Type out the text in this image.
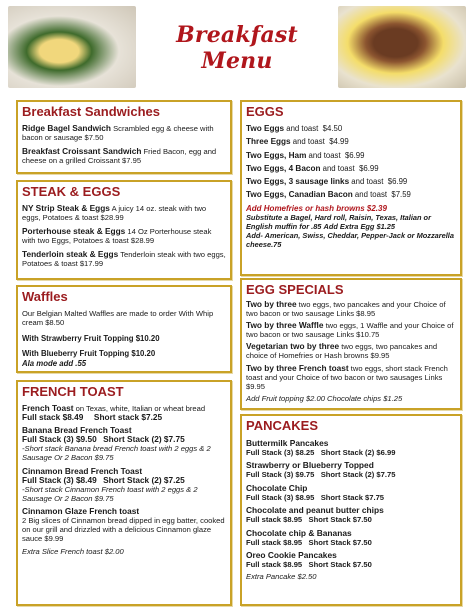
Breakfast Menu
Breakfast Sandwiches
Ridge Bagel Sandwich Scrambled egg & cheese with bacon or sausage $7.50
Breakfast Croissant Sandwich Fried Bacon, egg and cheese on a grilled Croissant $7.95
STEAK & EGGS
NY Strip Steak & Eggs A juicy 14 oz. steak with two eggs, Potatoes & toast $28.99
Porterhouse steak & Eggs 14 Oz Porterhouse steak with two Eggs, Potatoes & toast $28.99
Tenderloin steak & Eggs Tenderloin steak with two eggs, Potatoes & toast $17.99
Waffles
Our Belgian Malted Waffles are made to order With Whip cream $8.50
With Strawberry Fruit Topping $10.20
With Blueberry Fruit Topping $10.20
Ala mode add .55
FRENCH TOAST
French Toast on Texas, white, Italian or wheat bread
Full stack $8.49 Short stack $7.25
Banana Bread French Toast
Full Stack (3) $9.50 Short Stack (2) $7.75
-Short stack Banana bread French toast with 2 eggs & 2 Sausage Or 2 Bacon $9.75
Cinnamon Bread French Toast
Full Stack (3) $8.49 Short Stack (2) $7.25
-Short stack Cinnamon French toast with 2 eggs & 2 Sausage Or 2 Bacon $9.75
Cinnamon Glaze French toast
2 Big slices of Cinnamon bread dipped in egg batter, cooked on our grill and drizzled with a delicious Cinnamon glaze sauce $9.99
Extra Slice French toast $2.00
EGGS
Two Eggs and toast $4.50
Three Eggs and toast $4.99
Two Eggs, Ham and toast $6.99
Two Eggs, 4 Bacon and toast $6.99
Two Eggs, 3 sausage links and toast $6.99
Two Eggs, Canadian Bacon and toast $7.59
Add Homefries or hash browns $2.39
Substitute a Bagel, Hard roll, Raisin, Texas, Italian or English muffin for .85 Add Extra Egg $1.25
Add- American, Swiss, Cheddar, Pepper-Jack or Mozzarella cheese.75
EGG SPECIALS
Two by three two eggs, two pancakes and your Choice of two bacon or two sausage Links $8.95
Two by three Waffle two eggs, 1 Waffle and your Choice of two bacon or two sausage Links $10.75
Vegetarian two by three two eggs, two pancakes and choice of Homefries or Hash browns $9.95
Two by three French toast two eggs, short stack French toast and your Choice of two bacon or two sausages Links $9.95
Add Fruit topping $2.00 Chocolate chips $1.25
PANCAKES
Buttermilk Pancakes
Full Stack (3) $8.25 Short Stack (2) $6.99
Strawberry or Blueberry Topped
Full Stack (3) $9.75 Short Stack (2) $7.75
Chocolate Chip
Full Stack (3) $8.95 Short Stack $7.75
Chocolate and peanut butter chips
Full stack $8.95 Short Stack $7.50
Chocolate chip & Bananas
Full stack $8.95 Short Stack $7.50
Oreo Cookie Pancakes
Full stack $8.95 Short Stack $7.50
Extra Pancake $2.50
